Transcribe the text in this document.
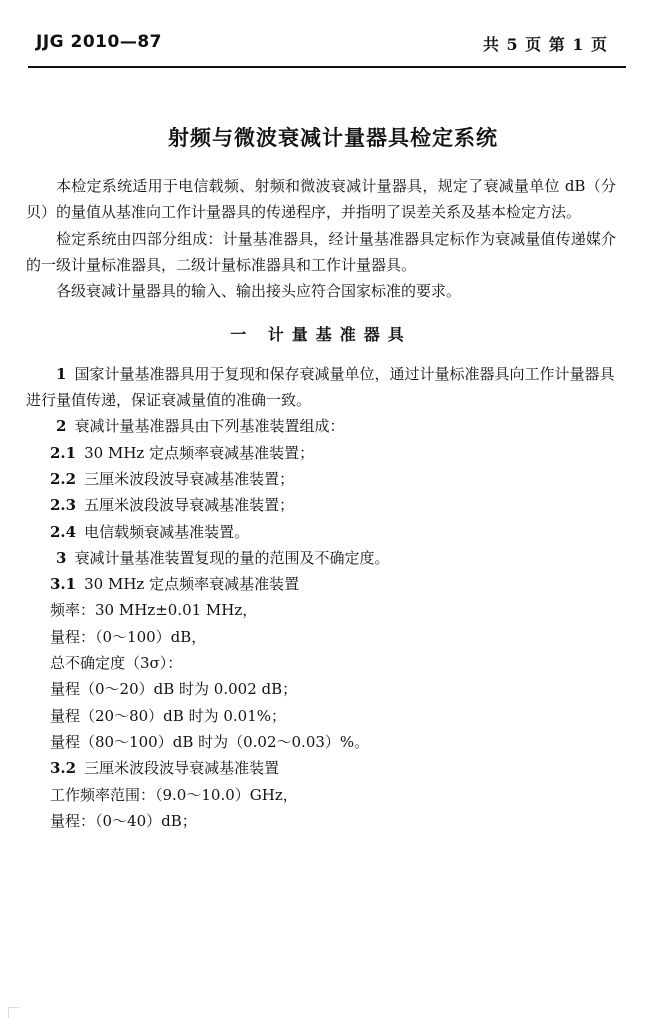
JJG 2010—87	共 5 页 第 1 页
射频与微波衰减计量器具检定系统

本检定系统适用于电信载频、射频和微波衰减计量器具，规定了衰减量单位 dB（分贝）的量值从基准向工作计量器具的传递程序，并指明了误差关系及基本检定方法。

检定系统由四部分组成：计量基准器具，经计量基准器具定标作为衰减量值传递媒介的一级计量标准器具，二级计量标准器具和工作计量器具。

各级衰减计量器具的输入、输出接头应符合国家标准的要求。

一 计量基准器具

1 国家计量基准器具用于复现和保存衰减量单位，通过计量标准器具向工作计量器具进行量值传递，保证衰减量值的准确一致。

2 衰减计量基准器具由下列基准装置组成：

2.1 30 MHz 定点频率衰减基准装置；

2.2 三厘米波段波导衰减基准装置；

2.3 五厘米波段波导衰减基准装置；

2.4 电信载频衰减基准装置。

3 衰减计量基准装置复现的量的范围及不确定度。

3.1 30 MHz 定点频率衰减基准装置

频率：30 MHz±0.01 MHz，
量程：（0～100）dB，
总不确定度（3σ）：
量程（0～20）dB 时为 0.002 dB；
量程（20～80）dB 时为 0.01%；
量程（80～100）dB 时为（0.02～0.03）%。

3.2 三厘米波段波导衰减基准装置

工作频率范围：（9.0～10.0）GHz，
量程：（0～40）dB；
